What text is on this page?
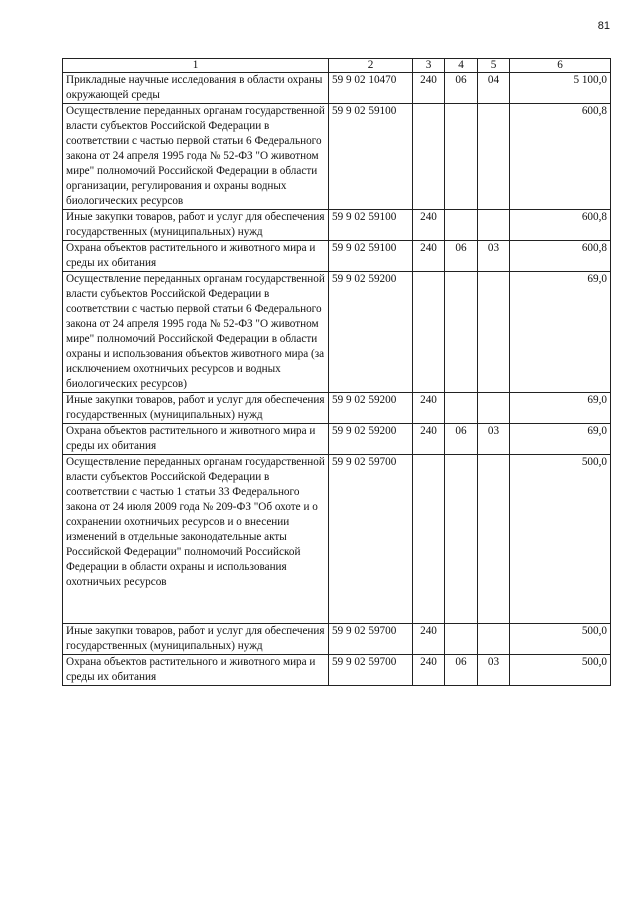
81
1	2	3	4	5	6
Прикладные научные исследования в области охраны окружающей среды	59 9 02 10470	240	06	04	5 100,0
Осуществление переданных органам государственной власти субъектов Российской Федерации в соответствии с частью первой статьи 6 Федерального закона от 24 апреля 1995 года № 52-ФЗ "О животном мире" полномочий Российской Федерации в области организации, регулирования и охраны водных биологических ресурсов	59 9 02 59100				600,8
Иные закупки товаров, работ и услуг для обеспечения государственных (муниципальных) нужд	59 9 02 59100	240			600,8
Охрана объектов растительного и животного мира и среды их обитания	59 9 02 59100	240	06	03	600,8
Осуществление переданных органам государственной власти субъектов Российской Федерации в соответствии с частью первой статьи 6 Федерального закона от 24 апреля 1995 года № 52-ФЗ "О животном мире" полномочий Российской Федерации в области охраны и использования объектов животного мира (за исключением охотничьих ресурсов и водных биологических ресурсов)	59 9 02 59200				69,0
Иные закупки товаров, работ и услуг для обеспечения государственных (муниципальных) нужд	59 9 02 59200	240			69,0
Охрана объектов растительного и животного мира и среды их обитания	59 9 02 59200	240	06	03	69,0
Осуществление переданных органам государственной власти субъектов Российской Федерации в соответствии с частью 1 статьи 33 Федерального закона от 24 июля 2009 года № 209-ФЗ "Об охоте и о сохранении охотничьих ресурсов и о внесении изменений в отдельные законодательные акты Российской Федерации" полномочий Российской Федерации в области охраны и использования охотничьих ресурсов	59 9 02 59700				500,0
Иные закупки товаров, работ и услуг для обеспечения государственных (муниципальных) нужд	59 9 02 59700	240			500,0
Охрана объектов растительного и животного мира и среды их обитания	59 9 02 59700	240	06	03	500,0
